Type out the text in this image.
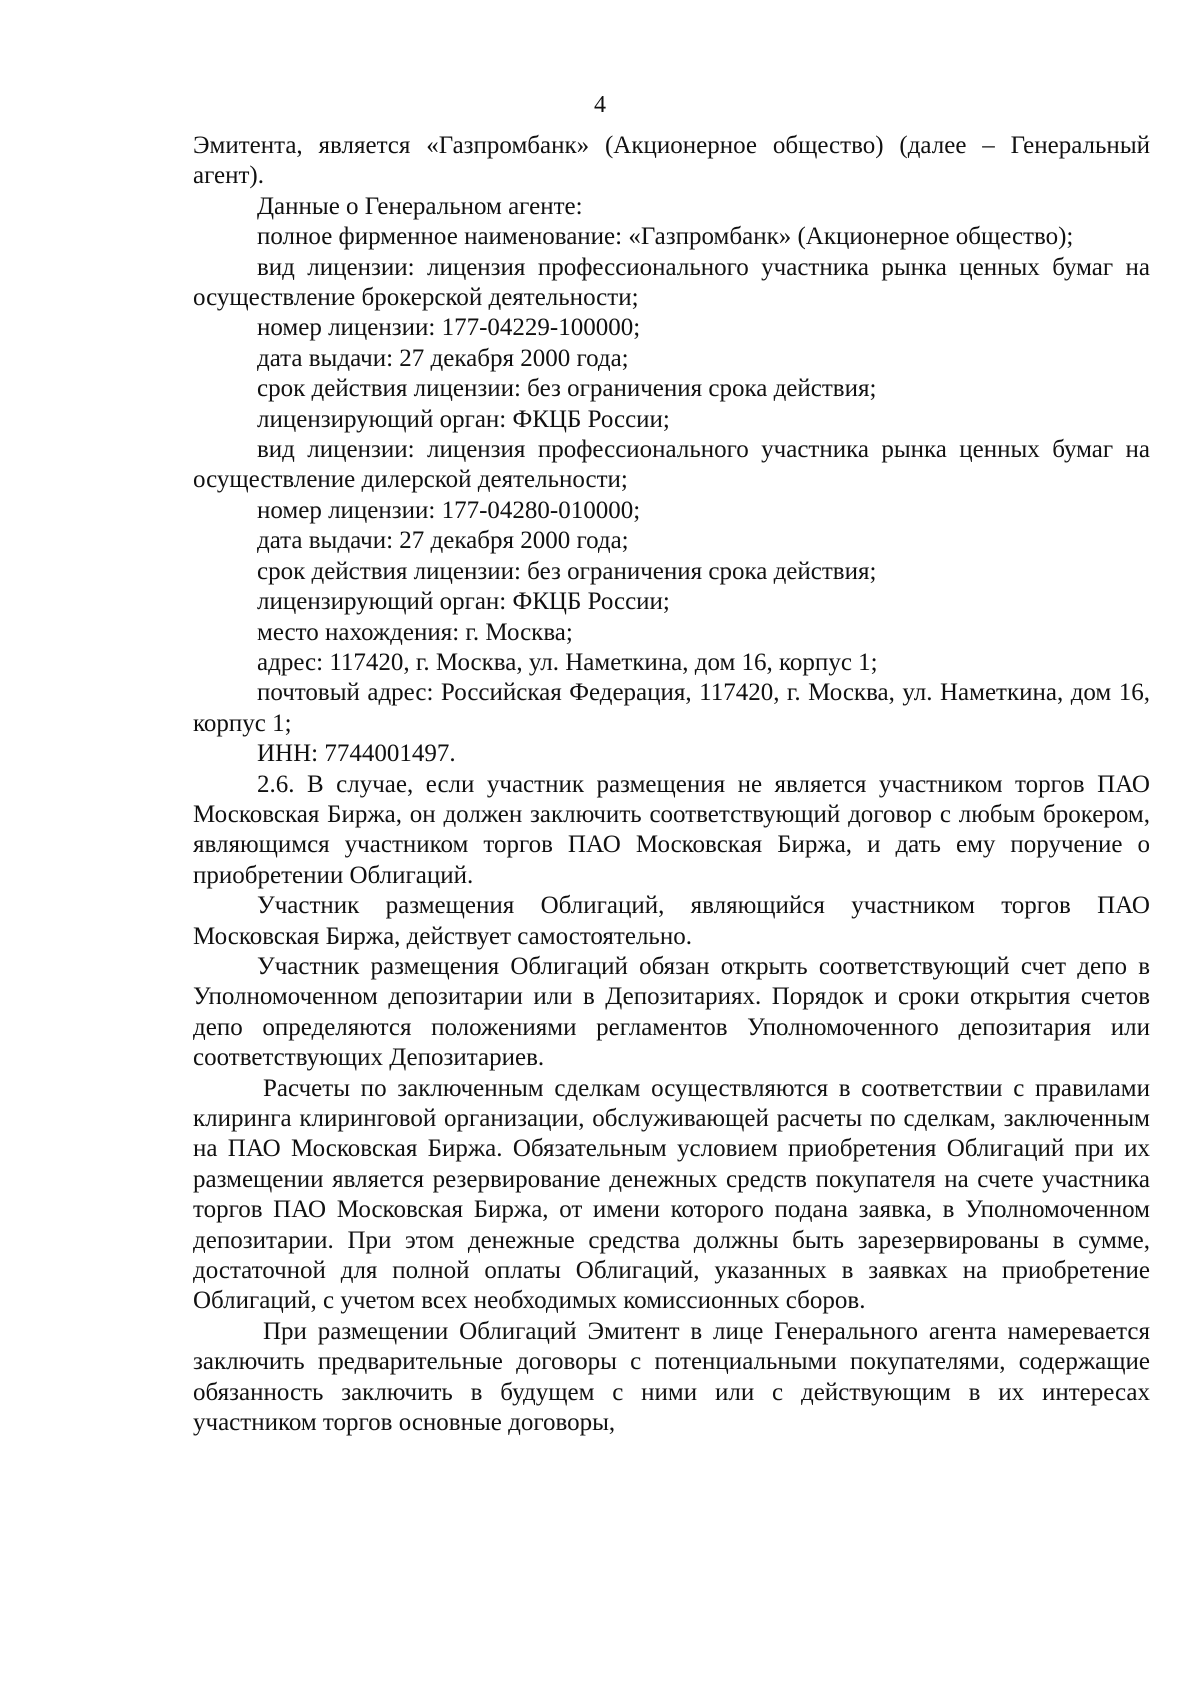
4

Эмитента, является «Газпромбанк» (Акционерное общество) (далее – Генеральный агент).

Данные о Генеральном агенте:

полное фирменное наименование: «Газпромбанк» (Акционерное общество);

вид лицензии: лицензия профессионального участника рынка ценных бумаг на осуществление брокерской деятельности;

номер лицензии: 177-04229-100000;

дата выдачи: 27 декабря 2000 года;

срок действия лицензии: без ограничения срока действия;

лицензирующий орган: ФКЦБ России;

вид лицензии: лицензия профессионального участника рынка ценных бумаг на осуществление дилерской деятельности;

номер лицензии: 177-04280-010000;

дата выдачи: 27 декабря 2000 года;

срок действия лицензии: без ограничения срока действия;

лицензирующий орган: ФКЦБ России;

место нахождения: г. Москва;

адрес: 117420, г. Москва, ул. Наметкина, дом 16, корпус 1;

почтовый адрес: Российская Федерация, 117420, г. Москва, ул. Наметкина, дом 16, корпус 1;

ИНН: 7744001497.

2.6. В случае, если участник размещения не является участником торгов ПАО Московская Биржа, он должен заключить соответствующий договор с любым брокером, являющимся участником торгов ПАО Московская Биржа, и дать ему поручение о приобретении Облигаций.

Участник размещения Облигаций, являющийся участником торгов ПАО Московская Биржа, действует самостоятельно.

Участник размещения Облигаций обязан открыть соответствующий счет депо в Уполномоченном депозитарии или в Депозитариях. Порядок и сроки открытия счетов депо определяются положениями регламентов Уполномоченного депозитария или соответствующих Депозитариев.

Расчеты по заключенным сделкам осуществляются в соответствии с правилами клиринга клиринговой организации, обслуживающей расчеты по сделкам, заключенным на ПАО Московская Биржа. Обязательным условием приобретения Облигаций при их размещении является резервирование денежных средств покупателя на счете участника торгов ПАО Московская Биржа, от имени которого подана заявка, в Уполномоченном депозитарии. При этом денежные средства должны быть зарезервированы в сумме, достаточной для полной оплаты Облигаций, указанных в заявках на приобретение Облигаций, с учетом всех необходимых комиссионных сборов.

При размещении Облигаций Эмитент в лице Генерального агента намеревается заключить предварительные договоры с потенциальными покупателями, содержащие обязанность заключить в будущем с ними или с действующим в их интересах участником торгов основные договоры,
